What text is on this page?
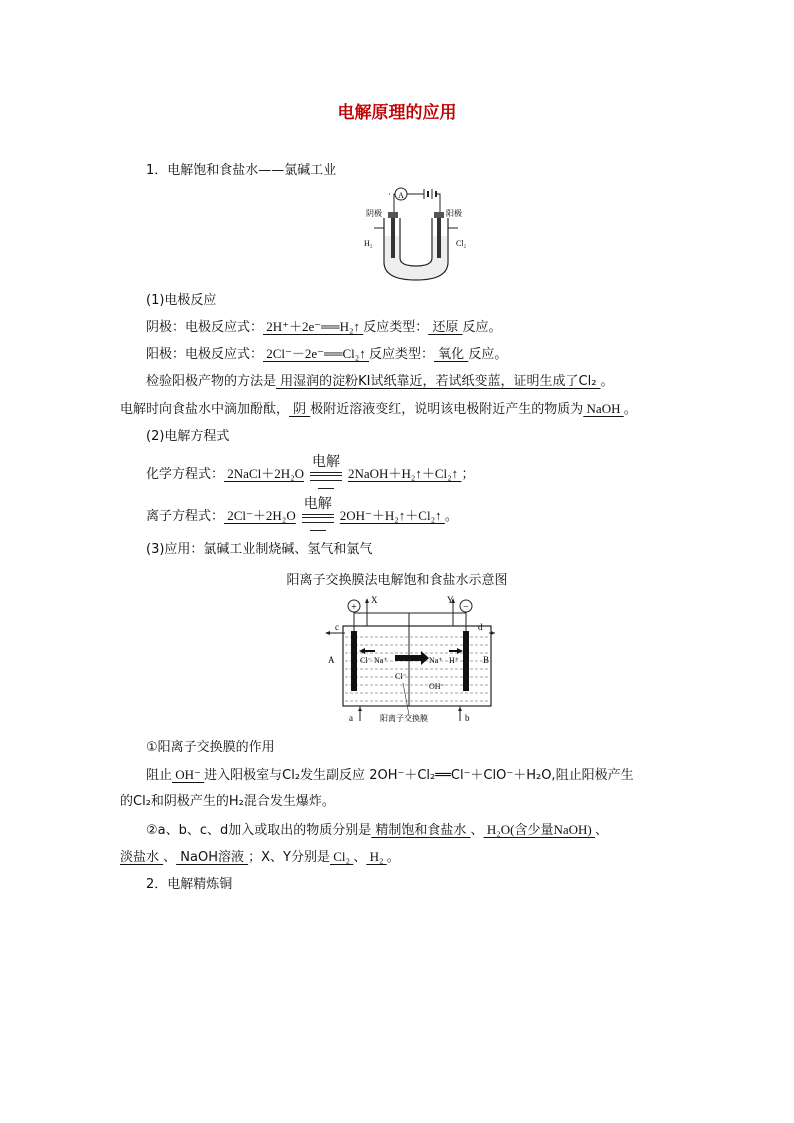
电解原理的应用
1．电解饱和食盐水——氯碱工业
A
阴极	阳极
H₂	Cl₂
(1)电极反应
阴极：电极反应式： 2H⁺＋2e⁻══H₂↑ 反应类型： 还原 反应。
阳极：电极反应式： 2Cl⁻－2e⁻══Cl₂↑ 反应类型： 氧化 反应。
检验阳极产物的方法是 用湿润的淀粉KI试纸靠近，若试纸变蓝，证明生成了Cl₂ 。
电解时向食盐水中滴加酚酞， 阴 极附近溶液变红，说明该电极附近产生的物质为 NaOH 。
(2)电解方程式
化学方程式： 2NaCl＋2H₂O
电解
2NaOH＋H₂↑＋Cl₂↑ ；
离子方程式： 2Cl⁻＋2H₂O
电解
2OH⁻＋H₂↑＋Cl₂↑ 。
(3)应用：氯碱工业制烧碱、氢气和氯气
阳离子交换膜法电解饱和食盐水示意图
+	−
X	Y
c	d
A	B
a	b
Cl⁻ Na⁺	Na⁺ H⁺
Cl⁻
OH⁻
阳离子交换膜
①阳离子交换膜的作用
阻止 OH⁻ 进入阳极室与Cl₂发生副反应 2OH⁻＋Cl₂══Cl⁻＋ClO⁻＋H₂O,阻止阳极产生
的Cl₂和阴极产生的H₂混合发生爆炸。
②a、b、c、d加入或取出的物质分别是 精制饱和食盐水 、 H₂O(含少量NaOH) 、
淡盐水 、 NaOH溶液 ；X、Y分别是 Cl₂ 、 H₂ 。
2．电解精炼铜
